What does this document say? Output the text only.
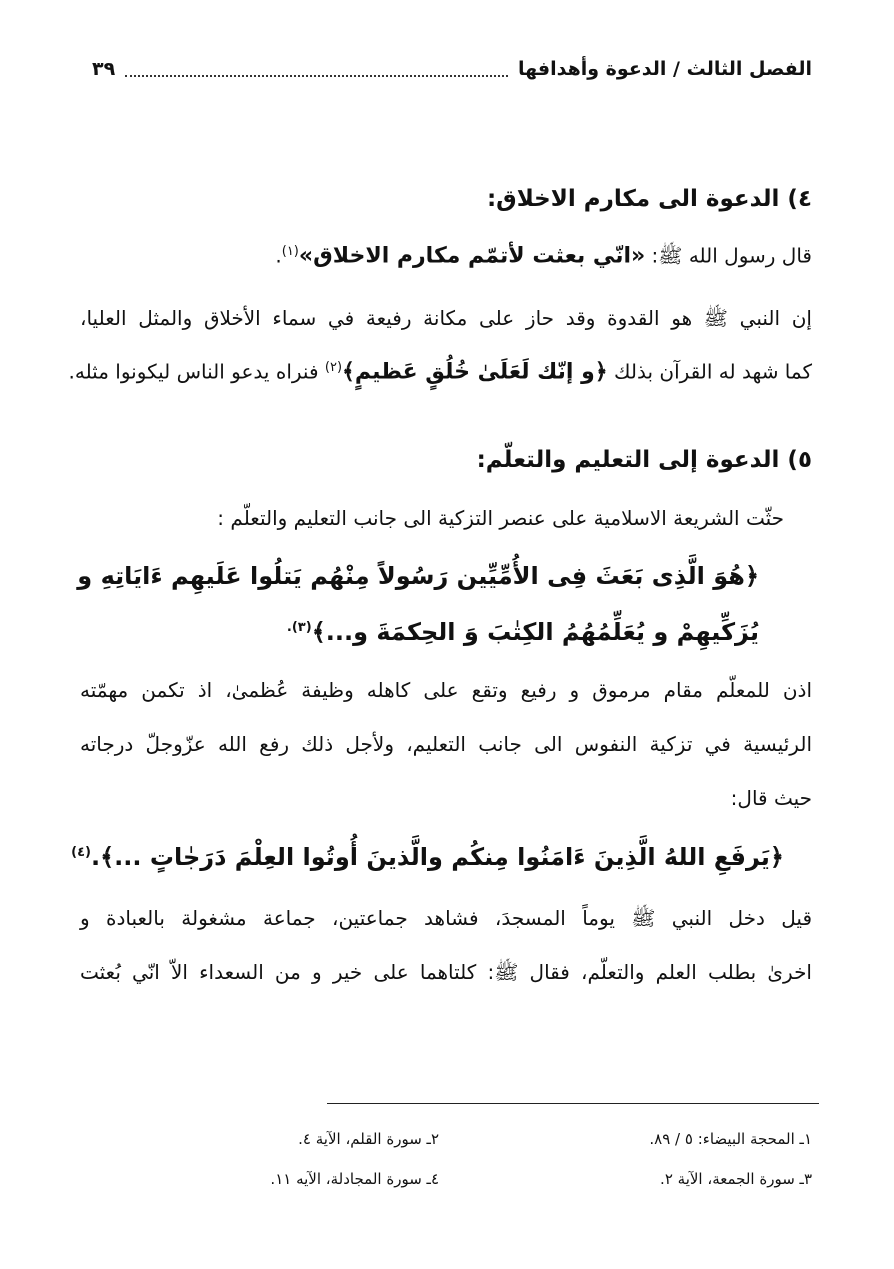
الفصل الثالث / الدعوة وأهدافها
٣٩
٤) الدعوة الى مكارم الاخلاق:
قال رسول الله ﷺ: «انّي بعثت لأتمّم مكارم الاخلاق»$^{(١)}$.
إن النبي ﷺ هو القدوة وقد حاز على مكانة رفيعة في سماء الأخلاق والمثل العليا،
كما شهد له القرآن بذلك ﴿و إنّك لَعَلَىٰ خُلُقٍ عَظيمٍ﴾$^{(٢)}$ فنراه يدعو الناس ليكونوا مثله.
٥) الدعوة إلى التعليم والتعلّم:
حثّت الشريعة الاسلامية على عنصر التزكية الى جانب التعليم والتعلّم :
﴿هُوَ الَّذِى بَعَثَ فِى الأُمِّيِّين رَسُولاً مِنْهُم يَتلُوا عَلَيهِم ءَايَاتِهِ و
يُزَكِّيهِمْ و يُعَلِّمُهُمُ الكِتٰبَ وَ الحِكمَةَ و...﴾$^{(٣).}$
اذن للمعلّم مقام مرموق و رفيع وتقع على كاهله وظيفة عُظمىٰ، اذ تكمن مهمّته
الرئيسية في تزكية النفوس الى جانب التعليم، ولأجل ذلك رفع الله عزّوجلّ درجاته
حيث قال:
﴿يَرفَعِ اللهُ الَّذِينَ ءَامَنُوا مِنكُم والَّذينَ أُوتُوا العِلْمَ دَرَجٰاتٍ ...﴾.$^{(٤)}$
قيل دخل النبي ﷺ يوماً المسجدَ، فشاهد جماعتين، جماعة مشغولة بالعبادة و
اخرىٰ بطلب العلم والتعلّم، فقال ﷺ: كلتاهما على خير و من السعداء الاّ انّي بُعثت
١ـ المحجة البيضاء: ٥ / ٨٩.
٢ـ سورة القلم، الآية ٤.
٣ـ سورة الجمعة، الآية ٢.
٤ـ سورة المجادلة، الآيه ١١.
